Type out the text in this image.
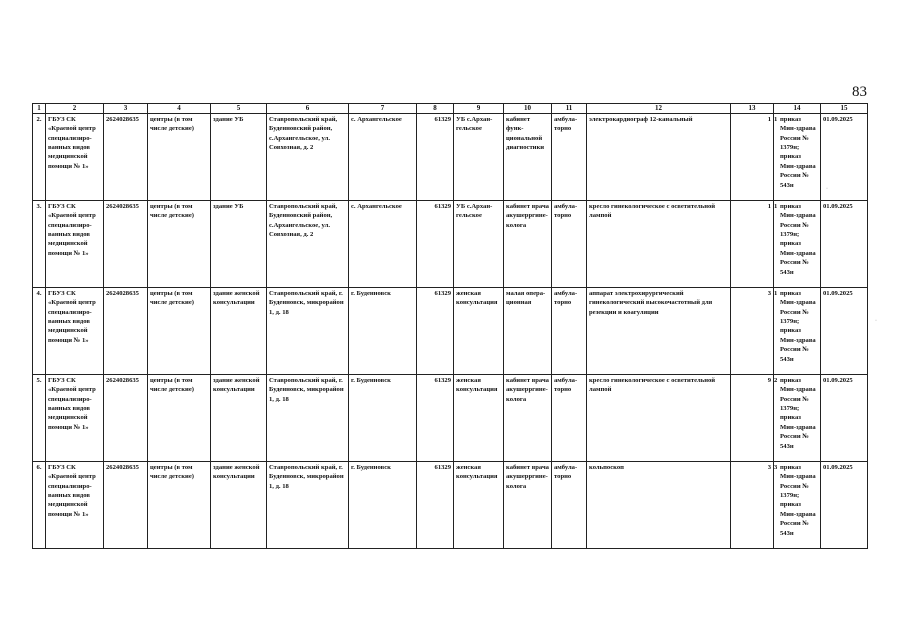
83
1	2	3	4	5	6	7	8	9	10	11	12	13	14	15
2.	ГБУЗ СК «Краевой центр специализиро-ванных видов медицинской помощи № 1»	2624028635	центры (в том числе детские)	здание УБ	Ставропольский край, Буденновский район, с.Архангельское, ул. Совхозная, д. 2	с. Архангельское	61329	УБ с.Архан-гельское	кабинет функ-циональной диагностики	амбула-торно	электрокардиограф 12-канальный	1	1 приказ Мин-здрава России № 1379н; приказ Мин-здрава России № 543н	01.09.2025
3.	ГБУЗ СК «Краевой центр специализиро-ванных видов медицинской помощи № 1»	2624028635	центры (в том числе детские)	здание УБ	Ставропольский край, Буденновский район, с.Архангельское, ул. Совхозная, д. 2	с. Архангельское	61329	УБ с.Архан-гельское	кабинет врача акушерргине-колога	амбула-торно	кресло гинекологическое с осветительной лампой	1	1 приказ Мин-здрава России № 1379н; приказ Мин-здрава России № 543н	01.09.2025
4.	ГБУЗ СК «Краевой центр специализиро-ванных видов медицинской помощи № 1»	2624028635	центры (в том числе детские)	здание женской консультации	Ставропольский край, г. Буденновск, микрорайон 1, д. 18	г. Буденновск	61329	женская консультация	малая опера-ционная	амбула-торно	аппарат электрохирургический гинекологический высокочастотный для резекции и коагуляции	3	1 приказ Мин-здрава России № 1379н; приказ Мин-здрава России № 543н	01.09.2025
5.	ГБУЗ СК «Краевой центр специализиро-ванных видов медицинской помощи № 1»	2624028635	центры (в том числе детские)	здание женской консультации	Ставропольский край, г. Буденновск, микрорайон 1, д. 18	г. Буденновск	61329	женская консультация	кабинет врача акушерргине-колога	амбула-торно	кресло гинекологическое с осветительной лампой	9	2 приказ Мин-здрава России № 1379н; приказ Мин-здрава России № 543н	01.09.2025
6.	ГБУЗ СК «Краевой центр специализиро-ванных видов медицинской помощи № 1»	2624028635	центры (в том числе детские)	здание женской консультации	Ставропольский край, г. Буденновск, микрорайон 1, д. 18	г. Буденновск	61329	женская консультация	кабинет врача акушерргине-колога	амбула-торно	кольпоскоп	3	3 приказ Мин-здрава России № 1379н; приказ Мин-здрава России № 543н	01.09.2025
·
·
